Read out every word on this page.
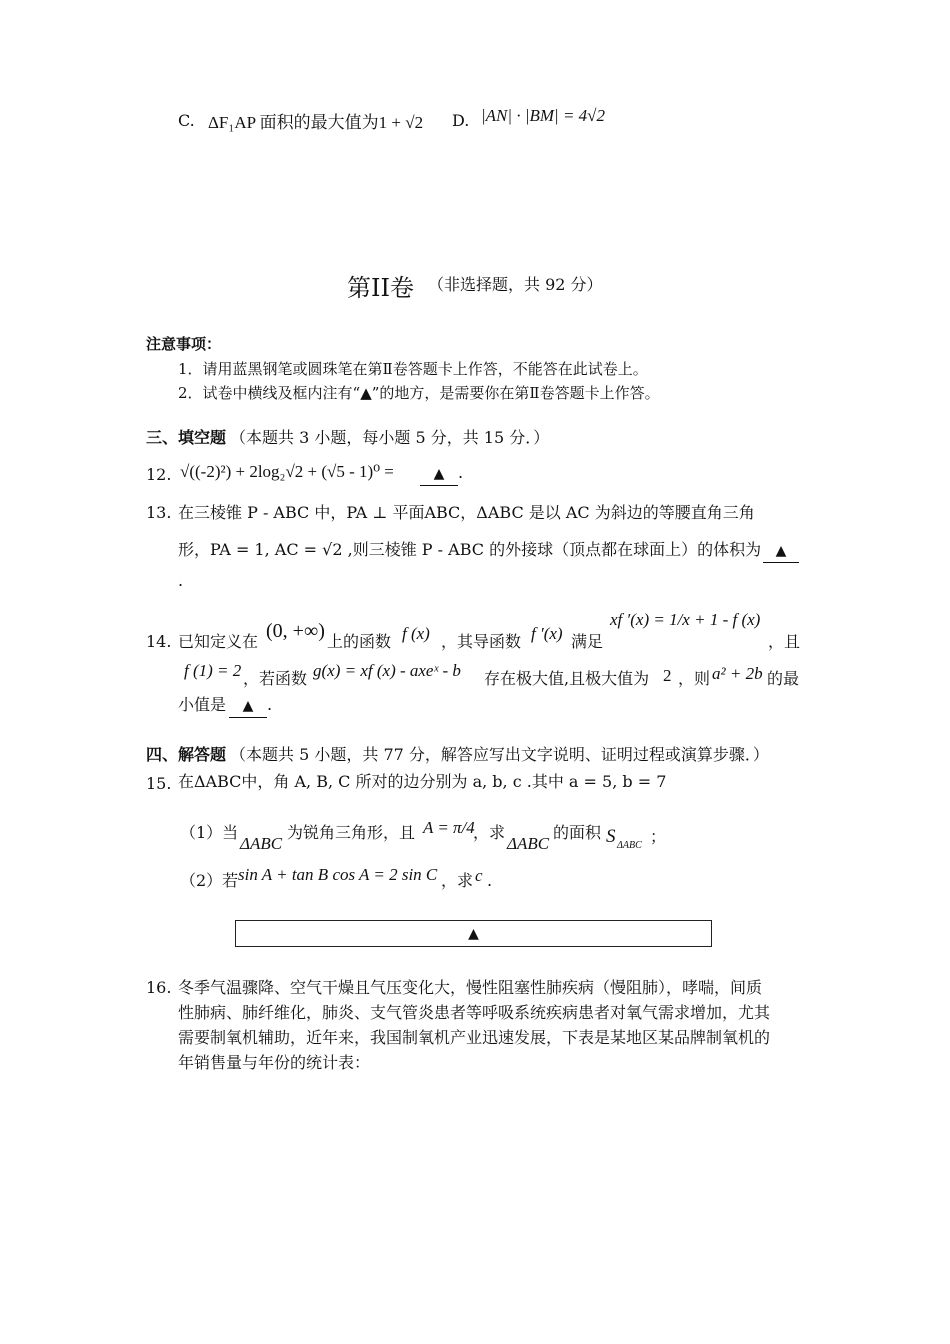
C. ΔF₁AP 面积的最大值为1 + √2 D. |AN| · |BM| = 4√2
第II卷 （非选择题，共 92 分）
注意事项：
1．请用蓝黑钢笔或圆珠笔在第Ⅱ卷答题卡上作答，不能答在此试卷上。
2．试卷中横线及框内注有“▲”的地方，是需要你在第Ⅱ卷答题卡上作答。
三、填空题 （本题共 3 小题，每小题 5 分，共 15 分．）
12. √((-2)²) + 2log₂√2 + (√5 - 1)⁰ =	▲ .
13. 在三棱锥 P - ABC 中，PA ⊥ 平面ABC，ΔABC 是以 AC 为斜边的等腰直角三角
形，PA = 1, AC = √2 ,则三棱锥 P - ABC 的外接球（顶点都在球面上）的体积为	▲
.
14. 已知定义在 (0, +∞) 上的函数 f (x) ，其导函数 f ′(x) 满足
xf ′(x) = 1/x + 1 - f (x)
，且
f (1) = 2 ，若函数 g(x) = xf (x) - axeˣ - b 存在极大值,且极大值为 2 ，则 a² + 2b 的最
小值是	▲ .
四、解答题 （本题共 5 小题，共 77 分，解答应写出文字说明、证明过程或演算步骤．）
15. 在ΔABC中，角 A, B, C 所对的边分别为 a, b, c .其中 a = 5, b = 7
（1）当
ΔABC
为锐角三角形，且 A = π/4
，求
ΔABC
的面积 S ΔABC ；
（2）若 sin A + tan B cos A = 2 sin C ，求 c .
▲
16. 冬季气温骤降、空气干燥且气压变化大，慢性阻塞性肺疾病（慢阻肺），哮喘，间质
性肺病、肺纤维化，肺炎、支气管炎患者等呼吸系统疾病患者对氧气需求增加，尤其
需要制氧机辅助，近年来，我国制氧机产业迅速发展，下表是某地区某品牌制氧机的
年销售量与年份的统计表：
